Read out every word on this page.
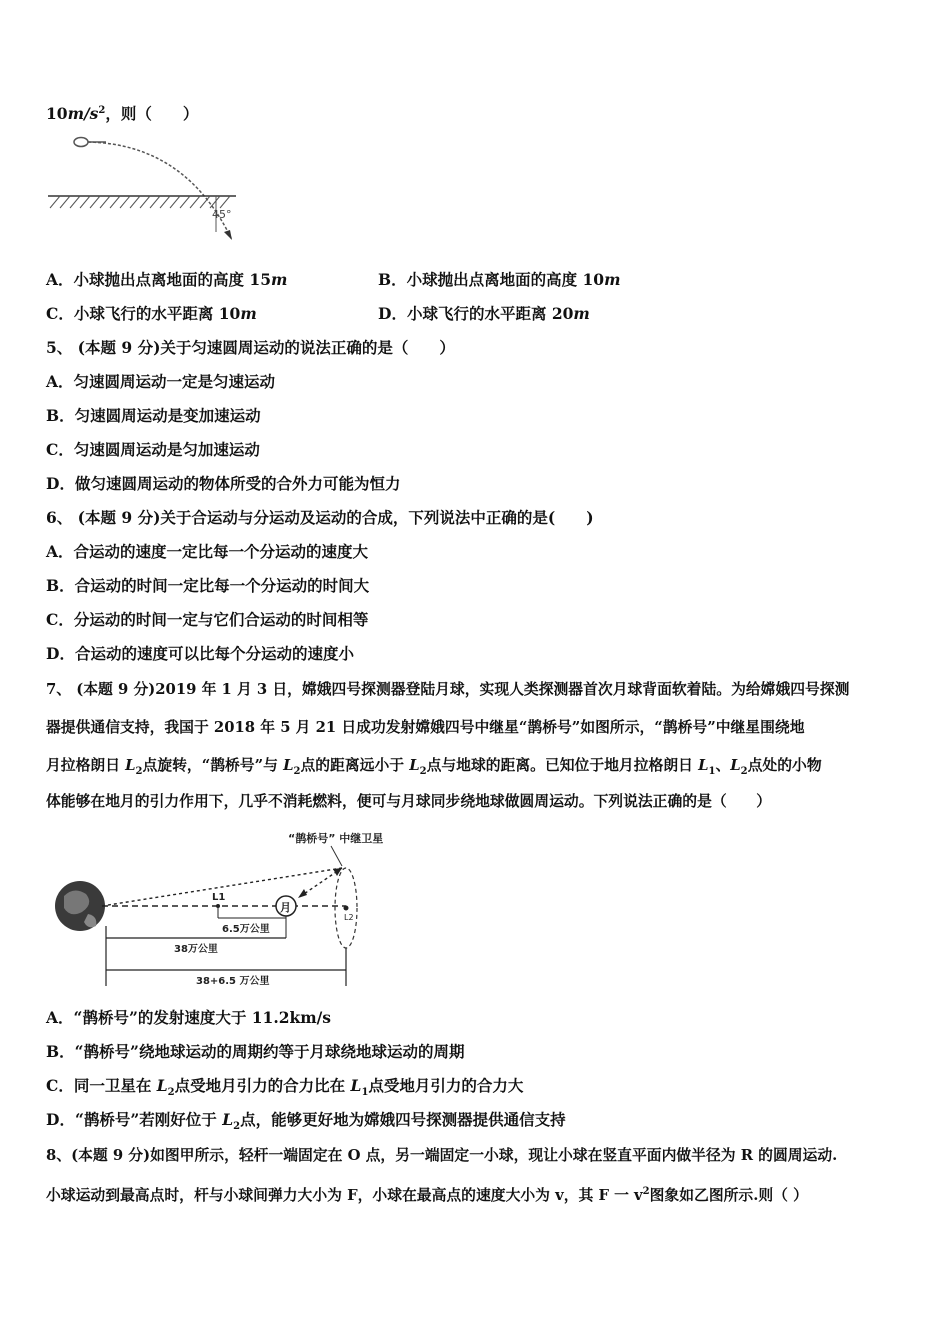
$10m/s^2$，则（　　）
45°
A．小球抛出点离地面的高度 15m	B．小球抛出点离地面的高度 10m
C．小球飞行的水平距离 10m	D．小球飞行的水平距离 20m
5、 (本题 9 分)关于匀速圆周运动的说法正确的是（　　）
A．匀速圆周运动一定是匀速运动
B．匀速圆周运动是变加速运动
C．匀速圆周运动是匀加速运动
D．做匀速圆周运动的物体所受的合外力可能为恒力
6、 (本题 9 分)关于合运动与分运动及运动的合成，下列说法中正确的是(　　)
A．合运动的速度一定比每一个分运动的速度大
B．合运动的时间一定比每一个分运动的时间大
C．分运动的时间一定与它们合运动的时间相等
D．合运动的速度可以比每个分运动的速度小
7、 (本题 9 分)2019 年 1 月 3 日，嫦娥四号探测器登陆月球，实现人类探测器首次月球背面软着陆。为给嫦娥四号探测
器提供通信支持，我国于 2018 年 5 月 21 日成功发射嫦娥四号中继星“鹊桥号”如图所示，“鹊桥号”中继星围绕地
月拉格朗日 $L_2$点旋转，“鹊桥号”与 $L_2$点的距离远小于 $L_2$点与地球的距离。已知位于地月拉格朗日 $L_1$、$L_2$点处的小物
体能够在地月的引力作用下，几乎不消耗燃料，便可与月球同步绕地球做圆周运动。下列说法正确的是（　　）
“鹊桥号” 中继卫星
月
L2
L1
6.5万公里
38万公里
38+6.5 万公里
A．“鹊桥号”的发射速度大于 11.2km/s
B．“鹊桥号”绕地球运动的周期约等于月球绕地球运动的周期
C．同一卫星在 $L_2$点受地月引力的合力比在 $L_1$点受地月引力的合力大
D．“鹊桥号”若刚好位于 $L_2$点，能够更好地为嫦娥四号探测器提供通信支持
8、(本题 9 分)如图甲所示，轻杆一端固定在 O 点，另一端固定一小球，现让小球在竖直平面内做半径为 R 的圆周运动.
小球运动到最高点时，杆与小球间弹力大小为 F，小球在最高点的速度大小为 v，其 F 一 $v^2$图象如乙图所示.则（ ）
